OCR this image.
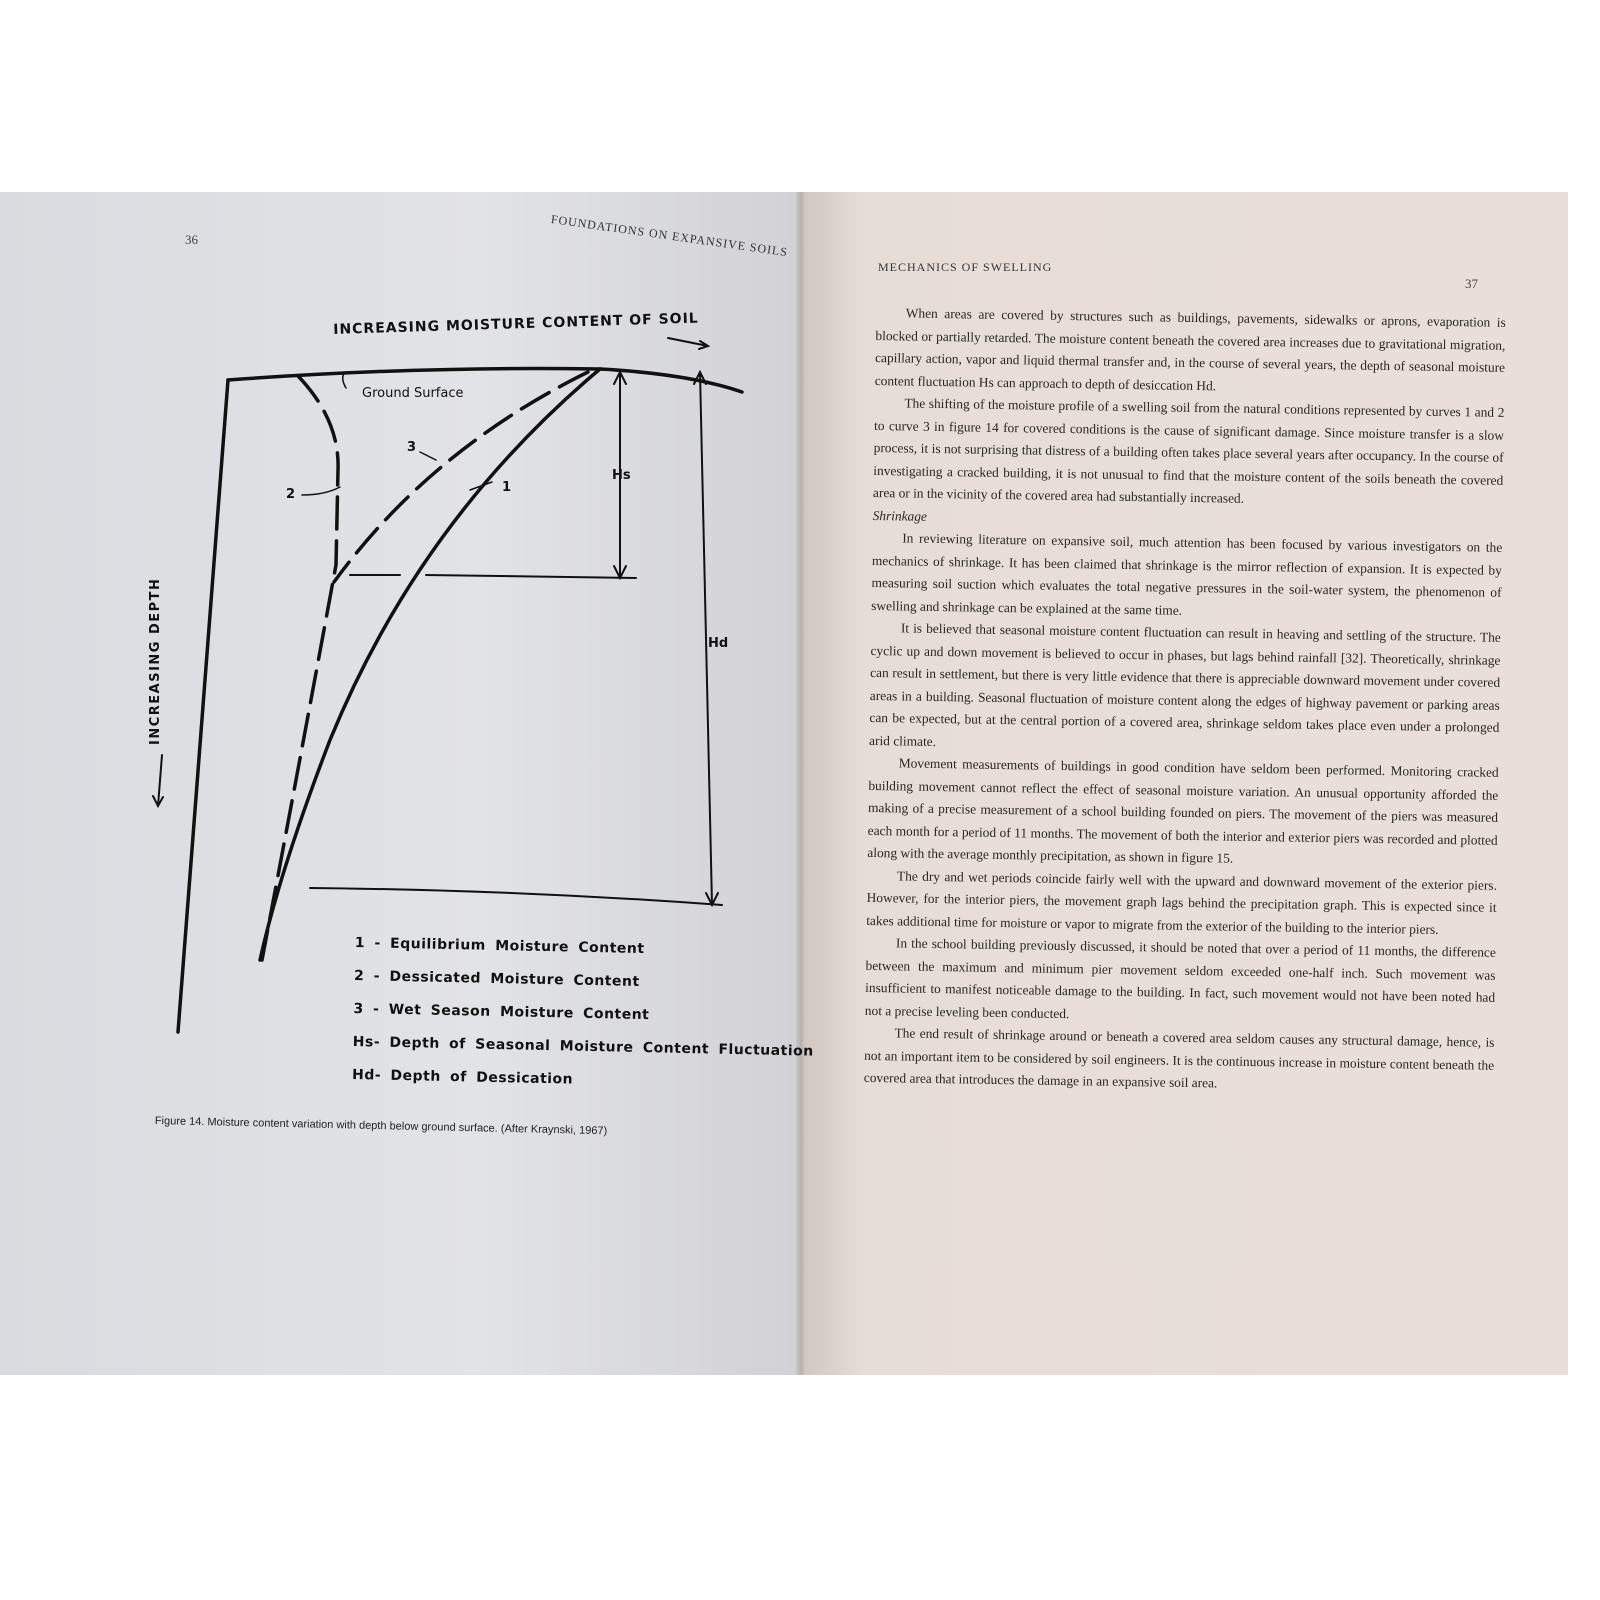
36	FOUNDATIONS ON EXPANSIVE SOILS
MECHANICS OF SWELLING
37
INCREASING MOISTURE CONTENT OF SOIL
INCREASING DEPTH
Ground Surface
1
2
3
Hs
Hd
1 - Equilibrium Moisture Content
2 - Dessicated Moisture Content
3 - Wet Season Moisture Content
Hs- Depth of Seasonal Moisture Content Fluctuation
Hd- Depth of Dessication
Figure 14. Moisture content variation with depth below ground surface. (After Kraynski, 1967)

When areas are covered by structures such as buildings, pavements, sidewalks or aprons, evaporation is blocked or partially retarded. The moisture content beneath the covered area increases due to gravitational migration, capillary action, vapor and liquid thermal transfer and, in the course of several years, the depth of seasonal moisture content fluctuation Hs can approach to depth of desiccation Hd.

The shifting of the moisture profile of a swelling soil from the natural conditions represented by curves 1 and 2 to curve 3 in figure 14 for covered conditions is the cause of significant damage. Since moisture transfer is a slow process, it is not surprising that distress of a building often takes place several years after occupancy. In the course of investigating a cracked building, it is not unusual to find that the moisture content of the soils beneath the covered area or in the vicinity of the covered area had substantially increased.

Shrinkage

In reviewing literature on expansive soil, much attention has been focused by various investigators on the mechanics of shrinkage. It has been claimed that shrinkage is the mirror reflection of expansion. It is expected by measuring soil suction which evaluates the total negative pressures in the soil-water system, the phenomenon of swelling and shrinkage can be explained at the same time.

It is believed that seasonal moisture content fluctuation can result in heaving and settling of the structure. The cyclic up and down movement is believed to occur in phases, but lags behind rainfall [32]. Theoretically, shrinkage can result in settlement, but there is very little evidence that there is appreciable downward movement under covered areas in a building. Seasonal fluctuation of moisture content along the edges of highway pavement or parking areas can be expected, but at the central portion of a covered area, shrinkage seldom takes place even under a prolonged arid climate.

Movement measurements of buildings in good condition have seldom been performed. Monitoring cracked building movement cannot reflect the effect of seasonal moisture variation. An unusual opportunity afforded the making of a precise measurement of a school building founded on piers. The movement of the piers was measured each month for a period of 11 months. The movement of both the interior and exterior piers was recorded and plotted along with the average monthly precipitation, as shown in figure 15.

The dry and wet periods coincide fairly well with the upward and downward movement of the exterior piers. However, for the interior piers, the movement graph lags behind the precipitation graph. This is expected since it takes additional time for moisture or vapor to migrate from the exterior of the building to the interior piers.

In the school building previously discussed, it should be noted that over a period of 11 months, the difference between the maximum and minimum pier movement seldom exceeded one-half inch. Such movement was insufficient to manifest noticeable damage to the building. In fact, such movement would not have been noted had not a precise leveling been conducted.

The end result of shrinkage around or beneath a covered area seldom causes any structural damage, hence, is not an important item to be considered by soil engineers. It is the continuous increase in moisture content beneath the covered area that introduces the damage in an expansive soil area.
